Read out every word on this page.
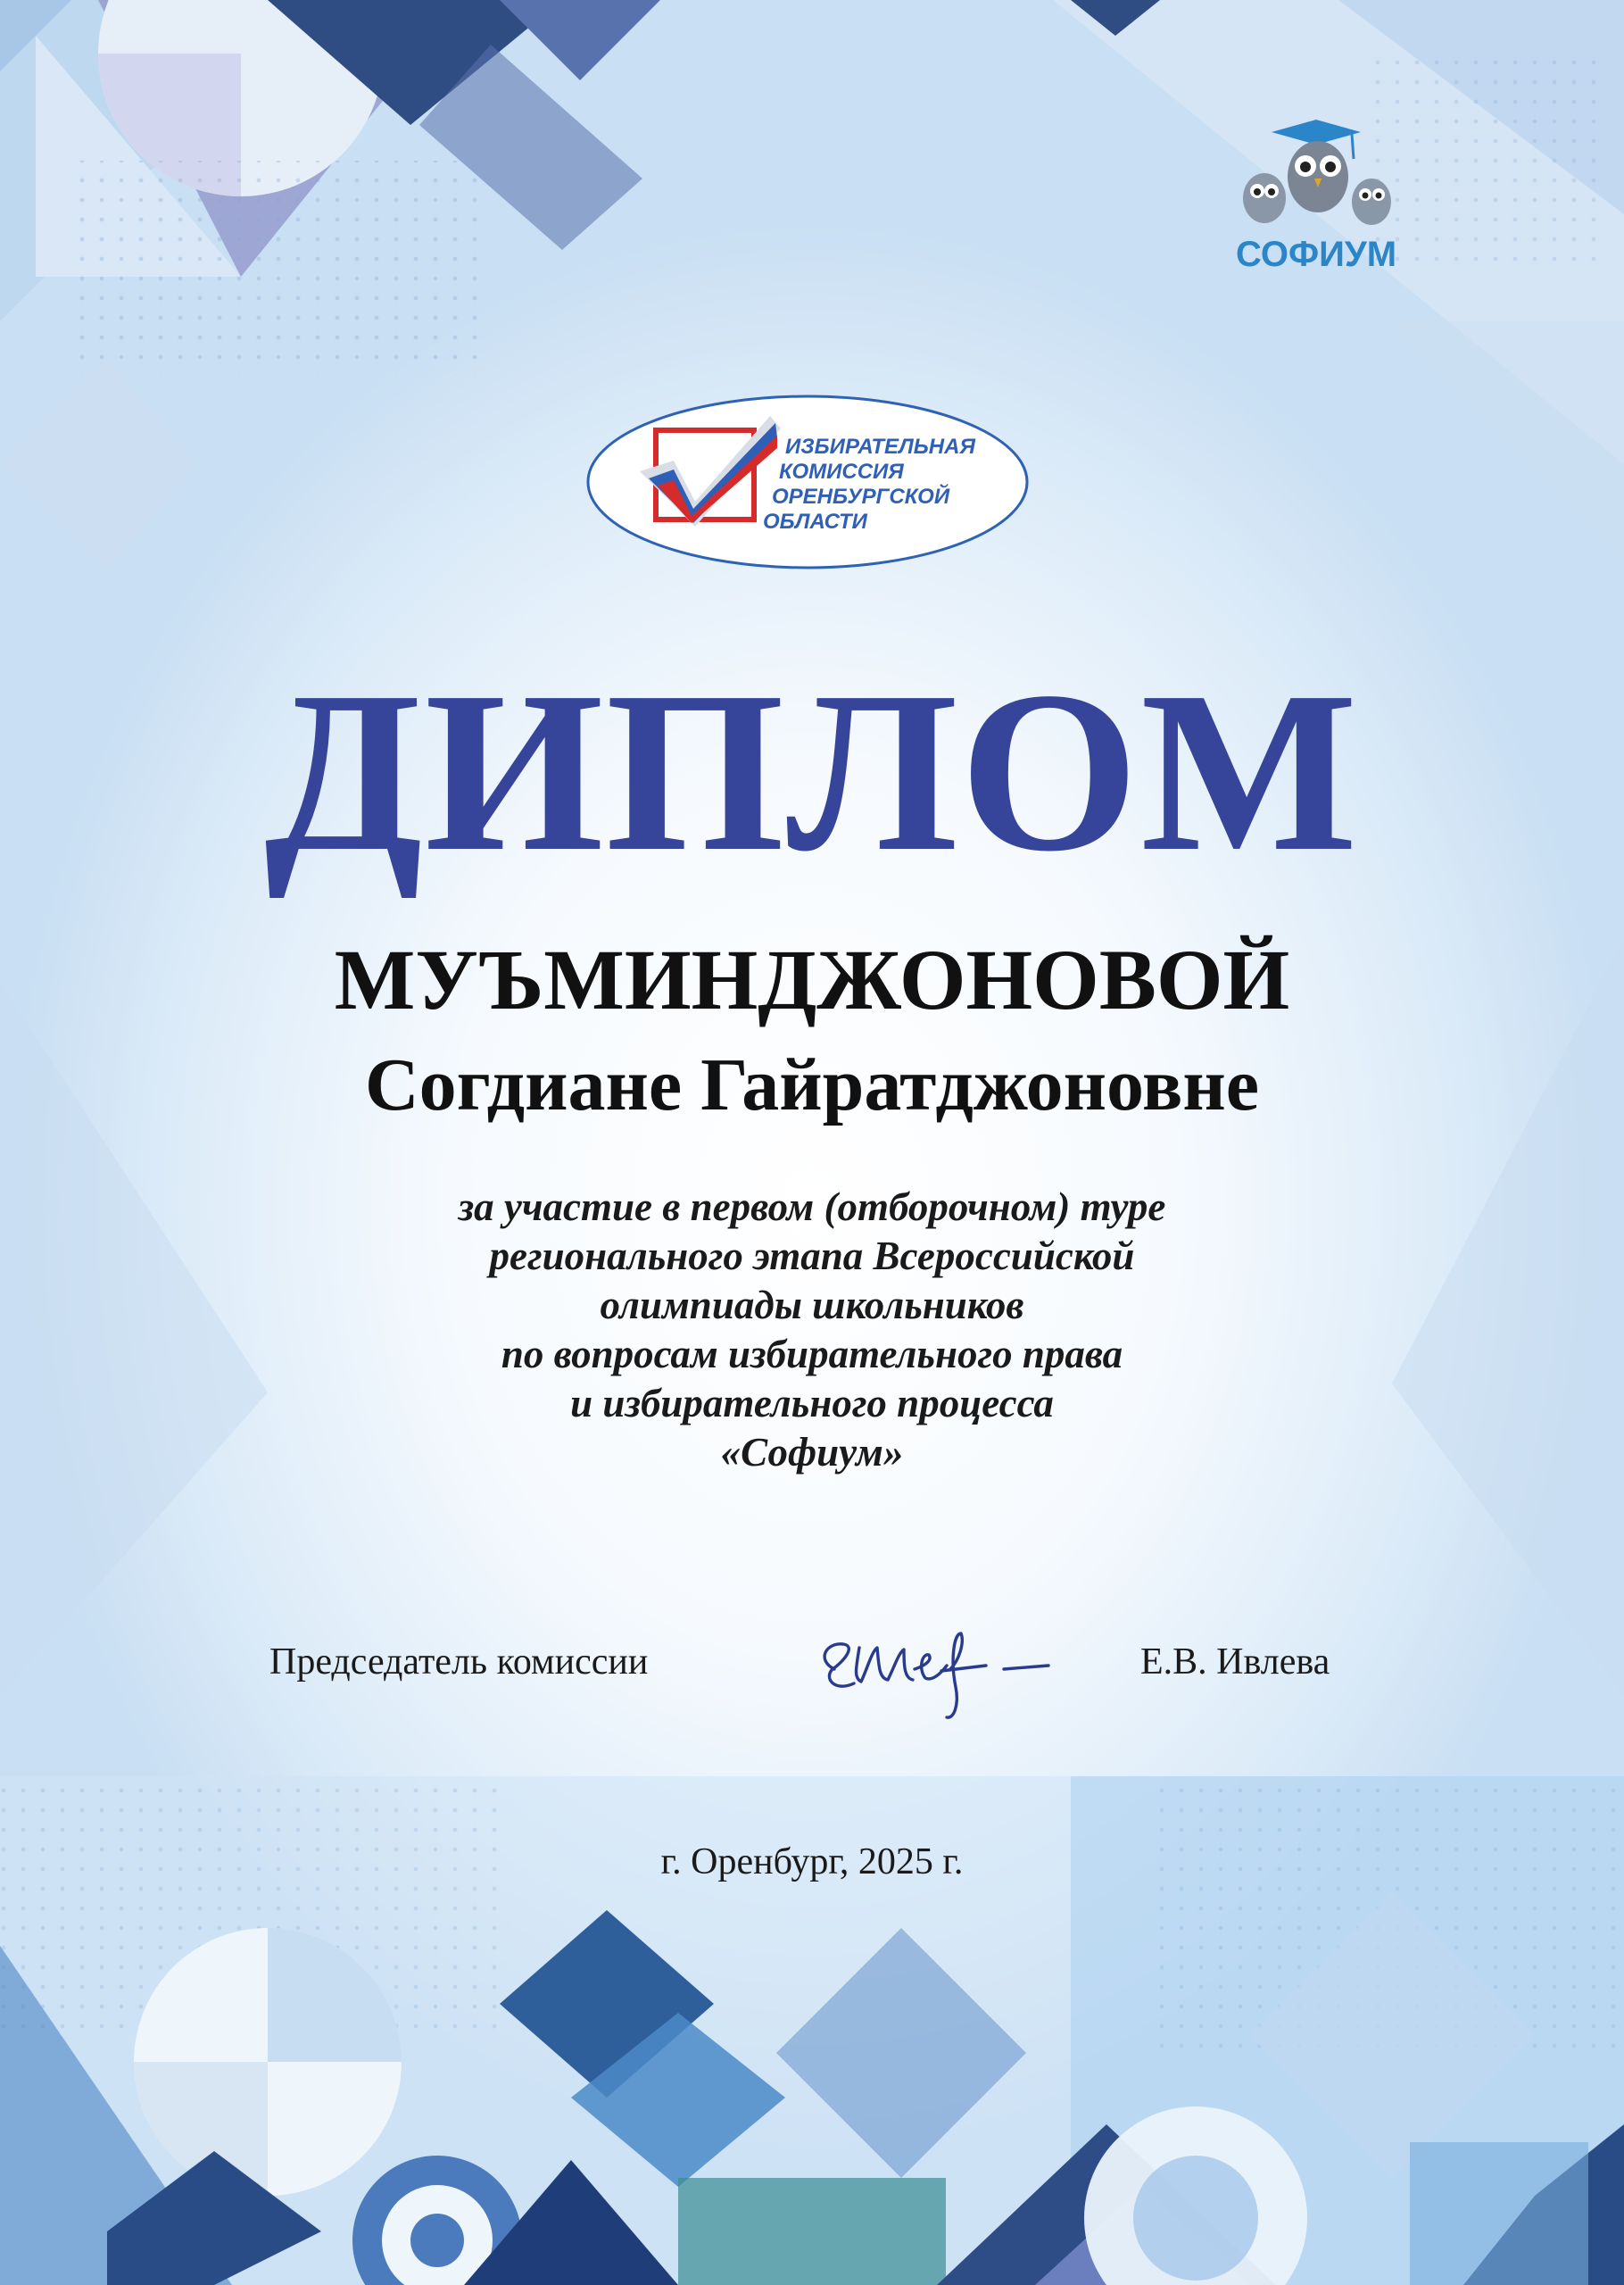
СОФИУМ
ИЗБИРАТЕЛЬНАЯ
КОМИССИЯ
ОРЕНБУРГСКОЙ
ОБЛАСТИ
ДИПЛОМ
МУЪМИНДЖОНОВОЙ
Согдиане Гайратджоновне
за участие в первом (отборочном) туре
регионального этапа Всероссийской
олимпиады школьников
по вопросам избирательного права
и избирательного процесса
«Софиум»
Председатель комиссии	Е.В. Ивлева
г. Оренбург, 2025 г.
